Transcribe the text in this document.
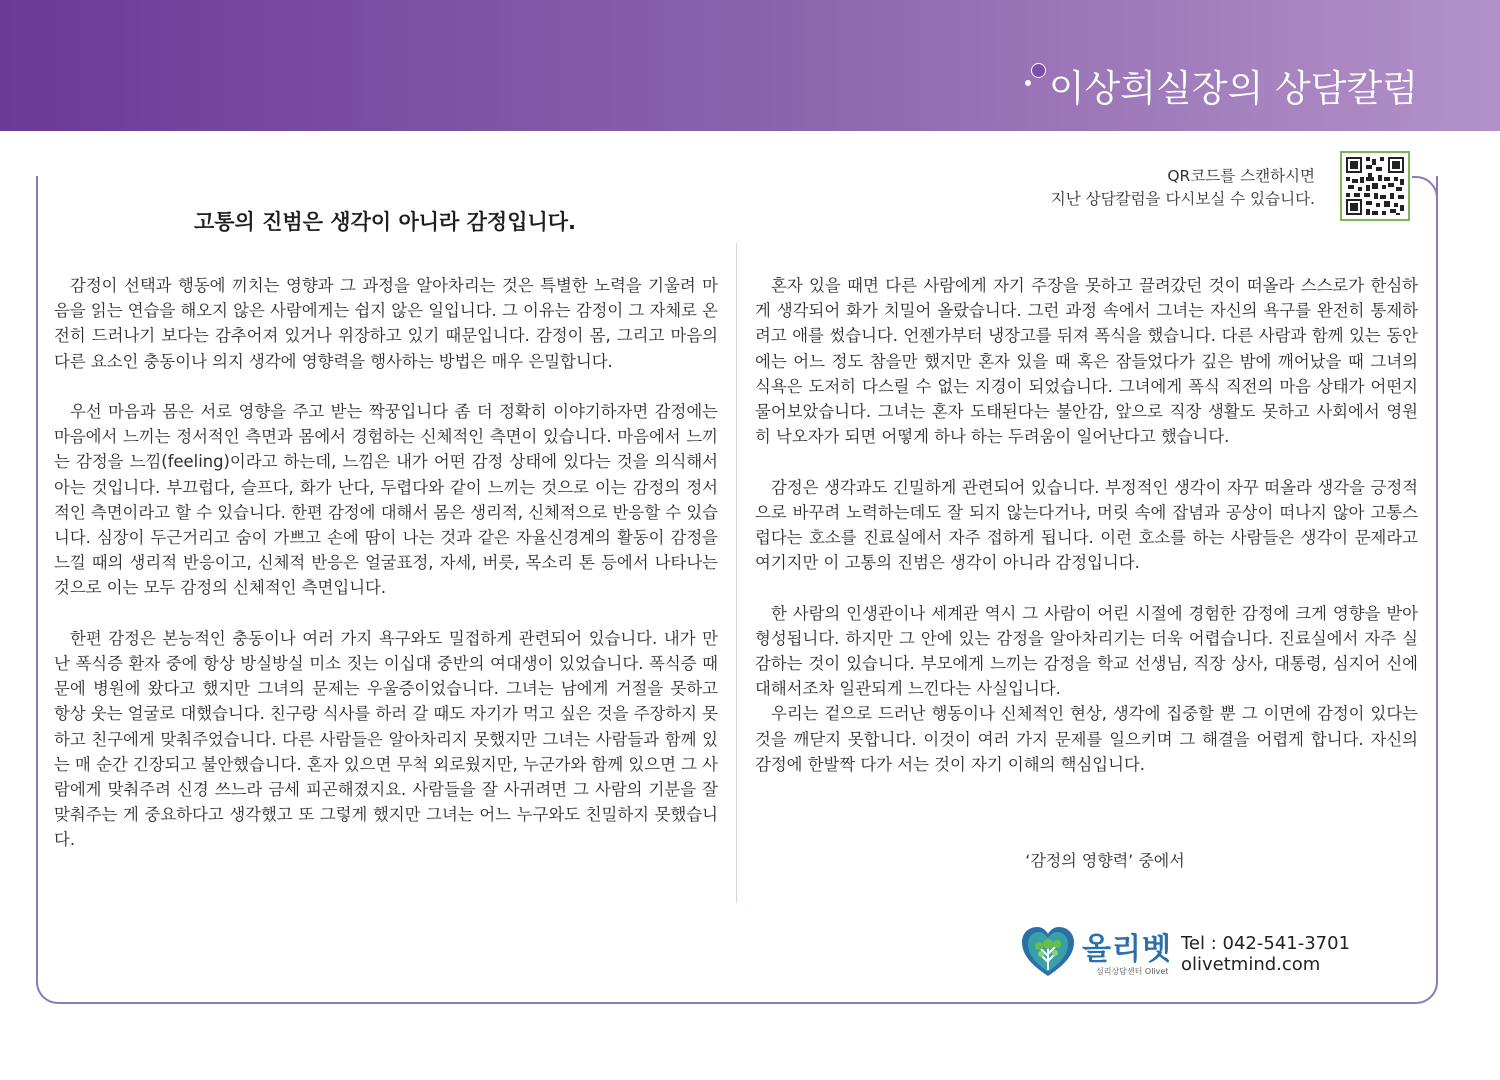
이상희실장의 상담칼럼
QR코드를 스캔하시면
지난 상담칼럼을 다시보실 수 있습니다.
고통의 진범은 생각이 아니라 감정입니다.

감정이 선택과 행동에 끼치는 영향과 그 과정을 알아차리는 것은 특별한 노력을 기울려 마음을 읽는 연습을 해오지 않은 사람에게는 쉽지 않은 일입니다. 그 이유는 감정이 그 자체로 온전히 드러나기 보다는 감추어져 있거나 위장하고 있기 때문입니다. 감정이 몸, 그리고 마음의 다른 요소인 충동이나 의지 생각에 영향력을 행사하는 방법은 매우 은밀합니다.

우선 마음과 몸은 서로 영향을 주고 받는 짝꿍입니다 좀 더 정확히 이야기하자면 감정에는 마음에서 느끼는 정서적인 측면과 몸에서 경험하는 신체적인 측면이 있습니다. 마음에서 느끼는 감정을 느낌(feeling)이라고 하는데, 느낌은 내가 어떤 감정 상태에 있다는 것을 의식해서 아는 것입니다. 부끄럽다, 슬프다, 화가 난다, 두렵다와 같이 느끼는 것으로 이는 감정의 정서적인 측면이라고 할 수 있습니다. 한편 감정에 대해서 몸은 생리적, 신체적으로 반응할 수 있습니다. 심장이 두근거리고 숨이 가쁘고 손에 땀이 나는 것과 같은 자율신경계의 활동이 감정을 느낄 때의 생리적 반응이고, 신체적 반응은 얼굴표정, 자세, 버릇, 목소리 톤 등에서 나타나는 것으로 이는 모두 감정의 신체적인 측면입니다.

한편 감정은 본능적인 충동이나 여러 가지 욕구와도 밀접하게 관련되어 있습니다. 내가 만난 폭식증 환자 중에 항상 방실방실 미소 짓는 이십대 중반의 여대생이 있었습니다. 폭식증 때문에 병원에 왔다고 했지만 그녀의 문제는 우울증이었습니다. 그녀는 남에게 거절을 못하고 항상 웃는 얼굴로 대했습니다. 친구랑 식사를 하러 갈 때도 자기가 먹고 싶은 것을 주장하지 못하고 친구에게 맞춰주었습니다. 다른 사람들은 알아차리지 못했지만 그녀는 사람들과 함께 있는 매 순간 긴장되고 불안했습니다. 혼자 있으면 무척 외로웠지만, 누군가와 함께 있으면 그 사람에게 맞춰주려 신경 쓰느라 금세 피곤해졌지요. 사람들을 잘 사귀려면 그 사람의 기분을 잘 맞춰주는 게 중요하다고 생각했고 또 그렇게 했지만 그녀는 어느 누구와도 친밀하지 못했습니다.

혼자 있을 때면 다른 사람에게 자기 주장을 못하고 끌려갔던 것이 떠올라 스스로가 한심하게 생각되어 화가 치밀어 올랐습니다. 그런 과정 속에서 그녀는 자신의 욕구를 완전히 통제하려고 애를 썼습니다. 언젠가부터 냉장고를 뒤져 폭식을 했습니다. 다른 사람과 함께 있는 동안에는 어느 정도 참을만 했지만 혼자 있을 때 혹은 잠들었다가 깊은 밤에 깨어났을 때 그녀의 식욕은 도저히 다스릴 수 없는 지경이 되었습니다. 그녀에게 폭식 직전의 마음 상태가 어떤지 물어보았습니다. 그녀는 혼자 도태된다는 불안감, 앞으로 직장 생활도 못하고 사회에서 영원히 낙오자가 되면 어떻게 하나 하는 두려움이 일어난다고 했습니다.

감정은 생각과도 긴밀하게 관련되어 있습니다. 부정적인 생각이 자꾸 떠올라 생각을 긍정적으로 바꾸려 노력하는데도 잘 되지 않는다거나, 머릿 속에 잡념과 공상이 떠나지 않아 고통스럽다는 호소를 진료실에서 자주 접하게 됩니다. 이런 호소를 하는 사람들은 생각이 문제라고 여기지만 이 고통의 진범은 생각이 아니라 감정입니다.

한 사람의 인생관이나 세계관 역시 그 사람이 어린 시절에 경험한 감정에 크게 영향을 받아 형성됩니다. 하지만 그 안에 있는 감정을 알아차리기는 더욱 어렵습니다. 진료실에서 자주 실감하는 것이 있습니다. 부모에게 느끼는 감정을 학교 선생님, 직장 상사, 대통령, 심지어 신에 대해서조차 일관되게 느낀다는 사실입니다.

우리는 겉으로 드러난 행동이나 신체적인 현상, 생각에 집중할 뿐 그 이면에 감정이 있다는 것을 깨닫지 못합니다. 이것이 여러 가지 문제를 일으키며 그 해결을 어렵게 합니다. 자신의 감정에 한발짝 다가 서는 것이 자기 이해의 핵심입니다.

‘감정의 영향력’ 중에서
올리벳
심리상담센터 Olivet
Tel : 042-541-3701
olivetmind.com
